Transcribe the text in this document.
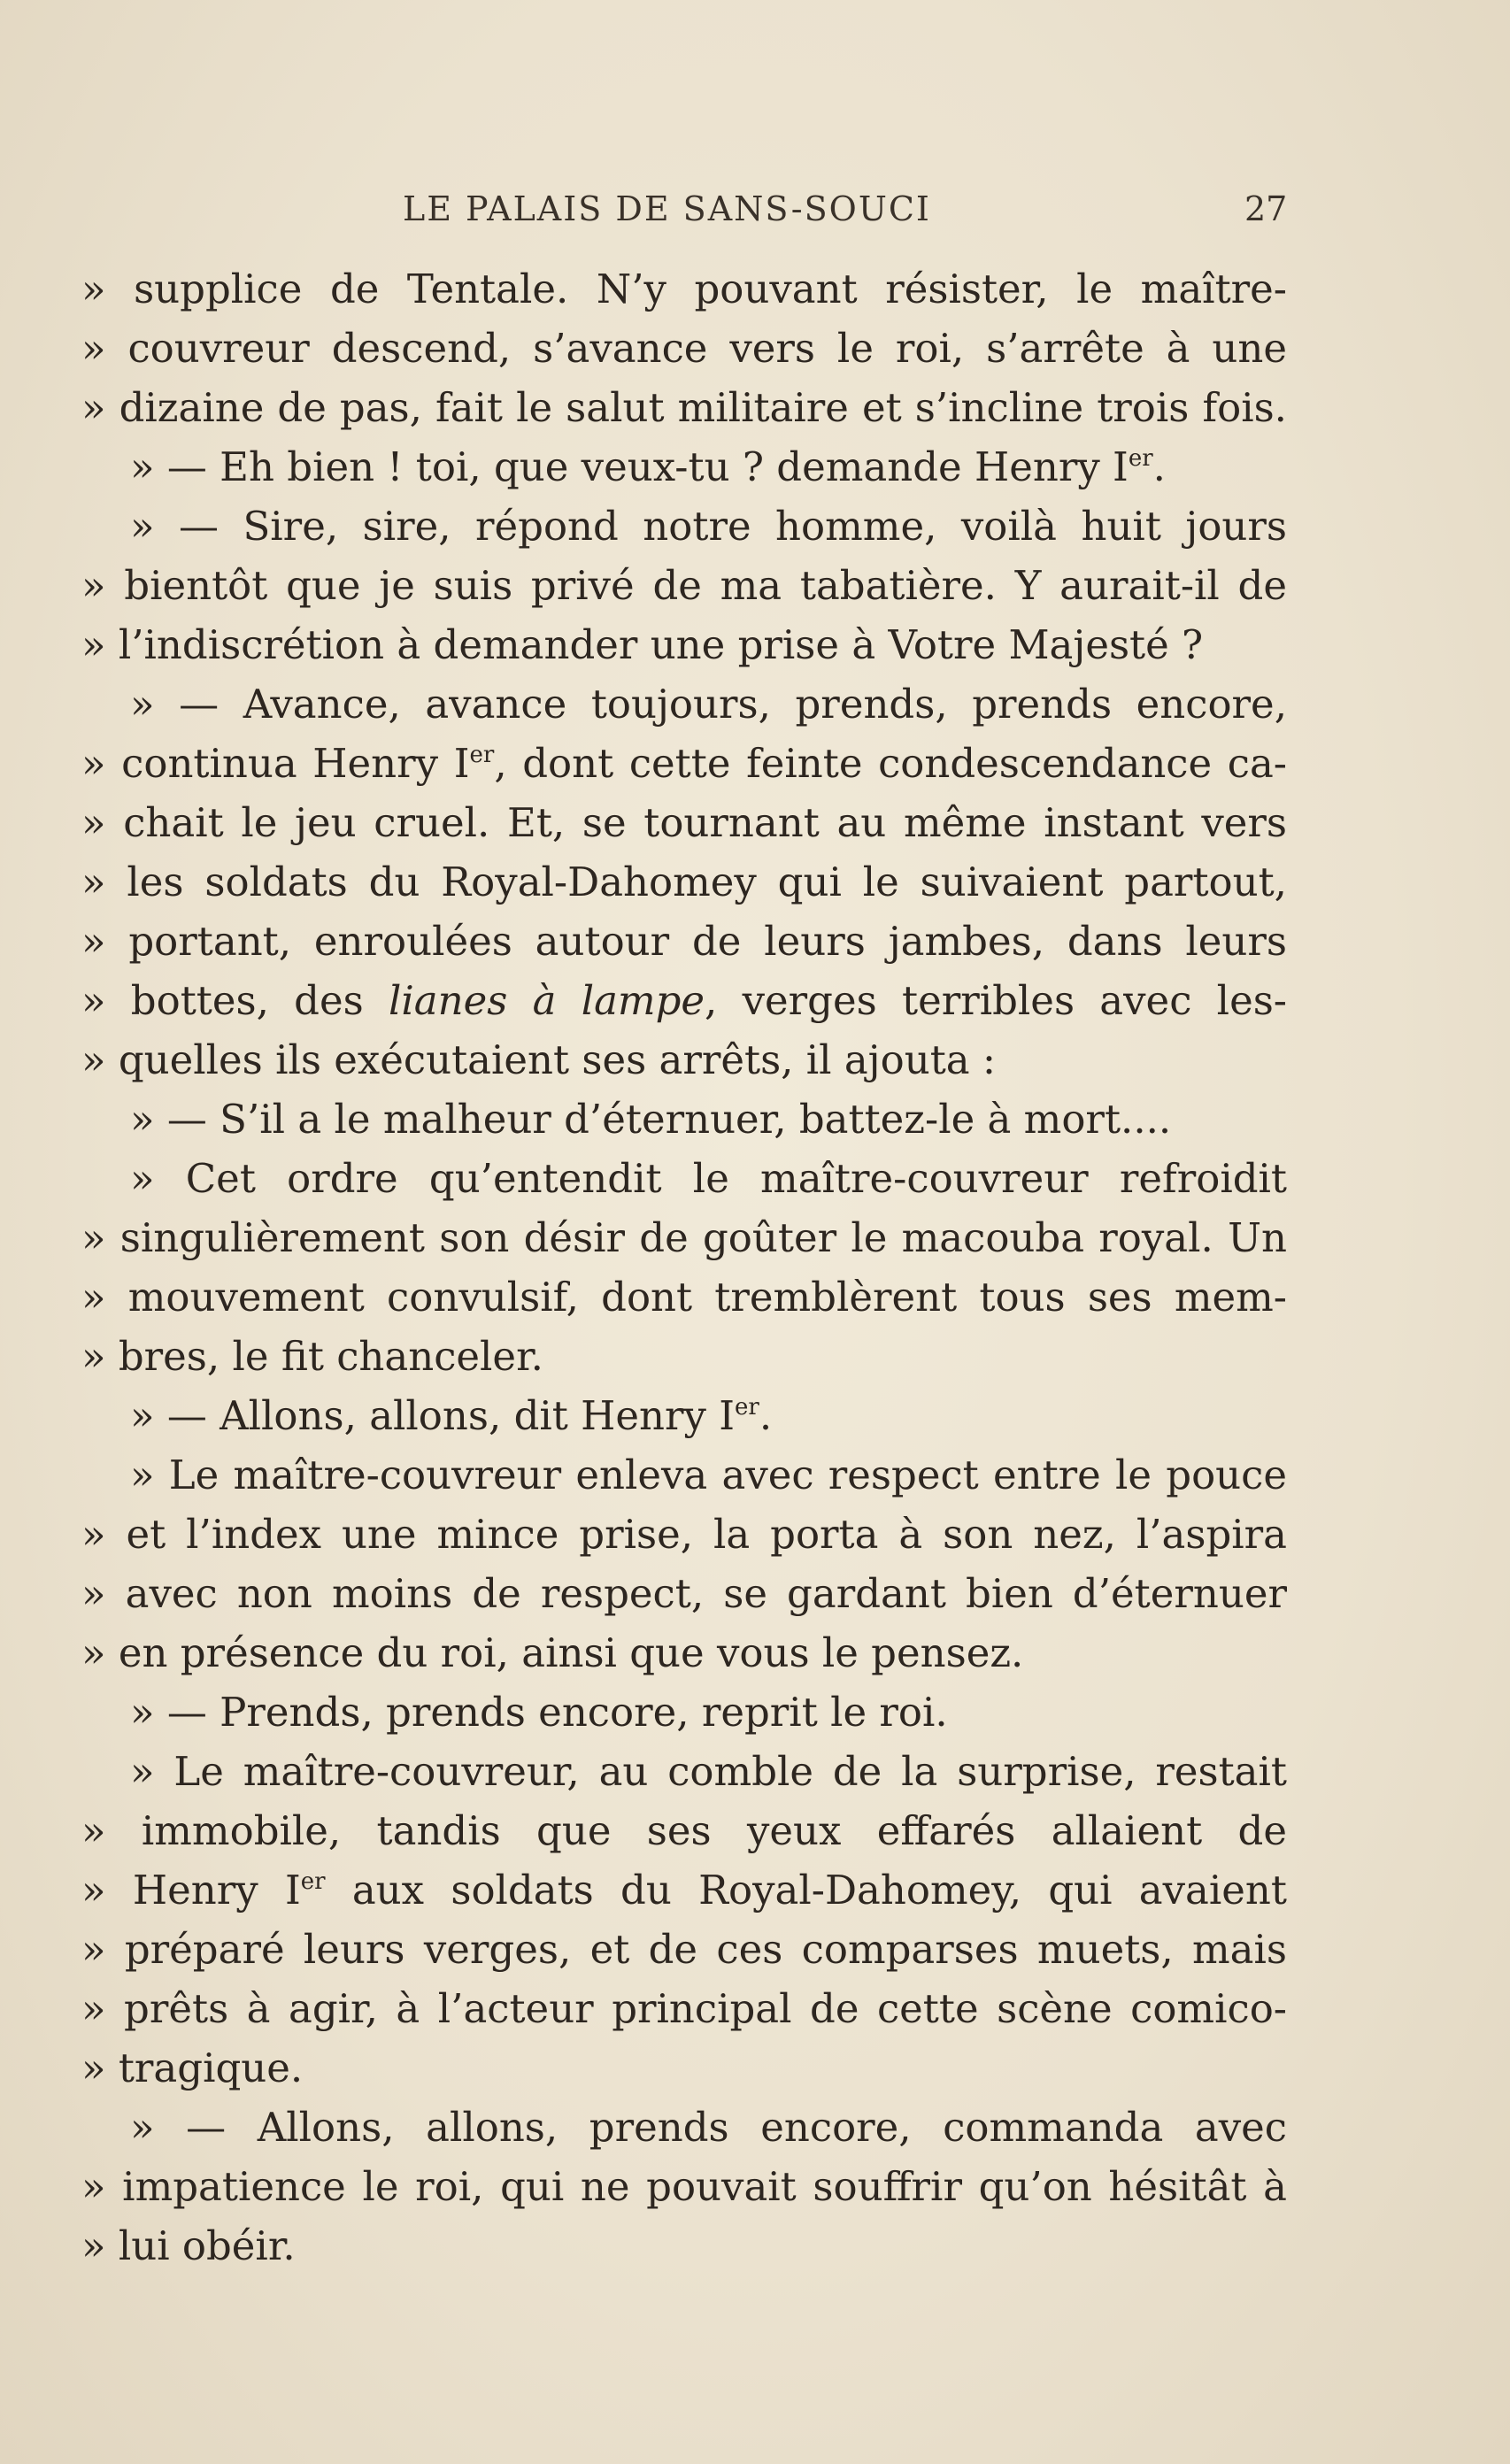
LE PALAIS DE SANS-SOUCI	27
» supplice de Tentale. N’y pouvant résister, le maître-
» couvreur descend, s’avance vers le roi, s’arrête à une
» dizaine de pas, fait le salut militaire et s’incline trois fois.
» — Eh bien ! toi, que veux-tu ? demande Henry Ier.
» — Sire, sire, répond notre homme, voilà huit jours
» bientôt que je suis privé de ma tabatière. Y aurait-il de
» l’indiscrétion à demander une prise à Votre Majesté ?
» — Avance, avance toujours, prends, prends encore,
» continua Henry Ier, dont cette feinte condescendance ca-
» chait le jeu cruel. Et, se tournant au même instant vers
» les soldats du Royal-Dahomey qui le suivaient partout,
» portant, enroulées autour de leurs jambes, dans leurs
» bottes, des lianes à lampe, verges terribles avec les-
» quelles ils exécutaient ses arrêts, il ajouta :
» — S’il a le malheur d’éternuer, battez-le à mort....
» Cet ordre qu’entendit le maître-couvreur refroidit
» singulièrement son désir de goûter le macouba royal. Un
» mouvement convulsif, dont tremblèrent tous ses mem-
» bres, le fit chanceler.
» — Allons, allons, dit Henry Ier.
» Le maître-couvreur enleva avec respect entre le pouce
» et l’index une mince prise, la porta à son nez, l’aspira
» avec non moins de respect, se gardant bien d’éternuer
» en présence du roi, ainsi que vous le pensez.
» — Prends, prends encore, reprit le roi.
» Le maître-couvreur, au comble de la surprise, restait
» immobile, tandis que ses yeux effarés allaient de
» Henry Ier aux soldats du Royal-Dahomey, qui avaient
» préparé leurs verges, et de ces comparses muets, mais
» prêts à agir, à l’acteur principal de cette scène comico-
» tragique.
» — Allons, allons, prends encore, commanda avec
» impatience le roi, qui ne pouvait souffrir qu’on hésitât à
» lui obéir.
